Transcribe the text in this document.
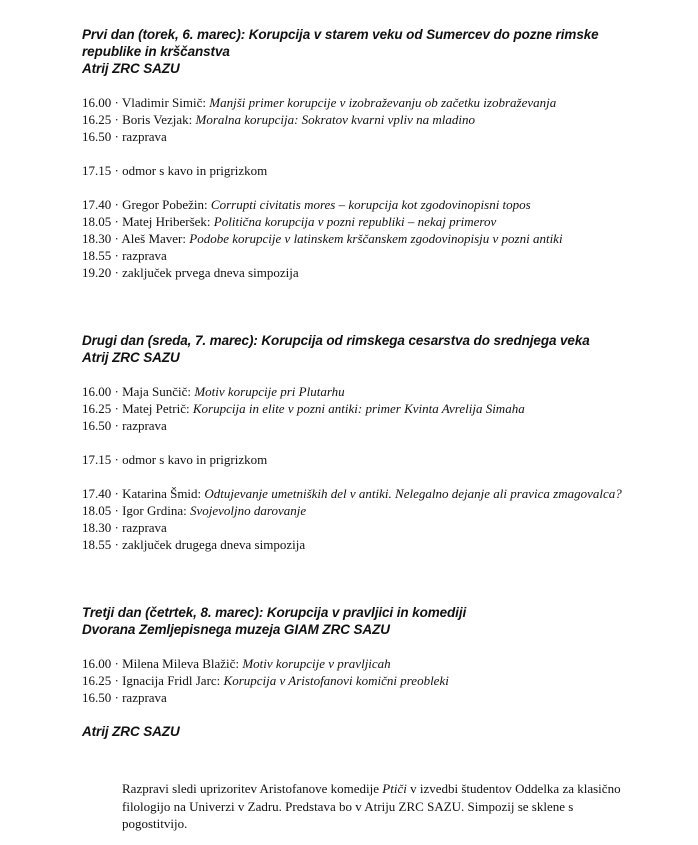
Prvi dan (torek, 6. marec): Korupcija v starem veku od Sumercev do pozne rimske republike in krščanstva
Atrij ZRC SAZU
16.00 · Vladimir Simič: Manjši primer korupcije v izobraževanju ob začetku izobraževanja
16.25 · Boris Vezjak: Moralna korupcija: Sokratov kvarni vpliv na mladino
16.50 · razprava
17.15 · odmor s kavo in prigrizkom
17.40 · Gregor Pobežin: Corrupti civitatis mores – korupcija kot zgodovinopisni topos
18.05 · Matej Hriberšek: Politična korupcija v pozni republiki – nekaj primerov
18.30 · Aleš Maver: Podobe korupcije v latinskem krščanskem zgodovinopisju v pozni antiki
18.55 · razprava
19.20 · zaključek prvega dneva simpozija
Drugi dan (sreda, 7. marec): Korupcija od rimskega cesarstva do srednjega veka
Atrij ZRC SAZU
16.00 · Maja Sunčič: Motiv korupcije pri Plutarhu
16.25 · Matej Petrič: Korupcija in elite v pozni antiki: primer Kvinta Avrelija Simaha
16.50 · razprava
17.15 · odmor s kavo in prigrizkom
17.40 · Katarina Šmid: Odtujevanje umetniških del v antiki. Nelegalno dejanje ali pravica zmagovalca?
18.05 · Igor Grdina: Svojevoljno darovanje
18.30 · razprava
18.55 · zaključek drugega dneva simpozija
Tretji dan (četrtek, 8. marec): Korupcija v pravljici in komediji
Dvorana Zemljepisnega muzeja GIAM ZRC SAZU
16.00 · Milena Mileva Blažič: Motiv korupcije v pravljicah
16.25 · Ignacija Fridl Jarc: Korupcija v Aristofanovi komični preobleki
16.50 · razprava
Atrij ZRC SAZU
Razpravi sledi uprizoritev Aristofanove komedije Ptiči v izvedbi študentov Oddelka za klasično filologijo na Univerzi v Zadru. Predstava bo v Atriju ZRC SAZU. Simpozij se sklene s pogostitvijo.
